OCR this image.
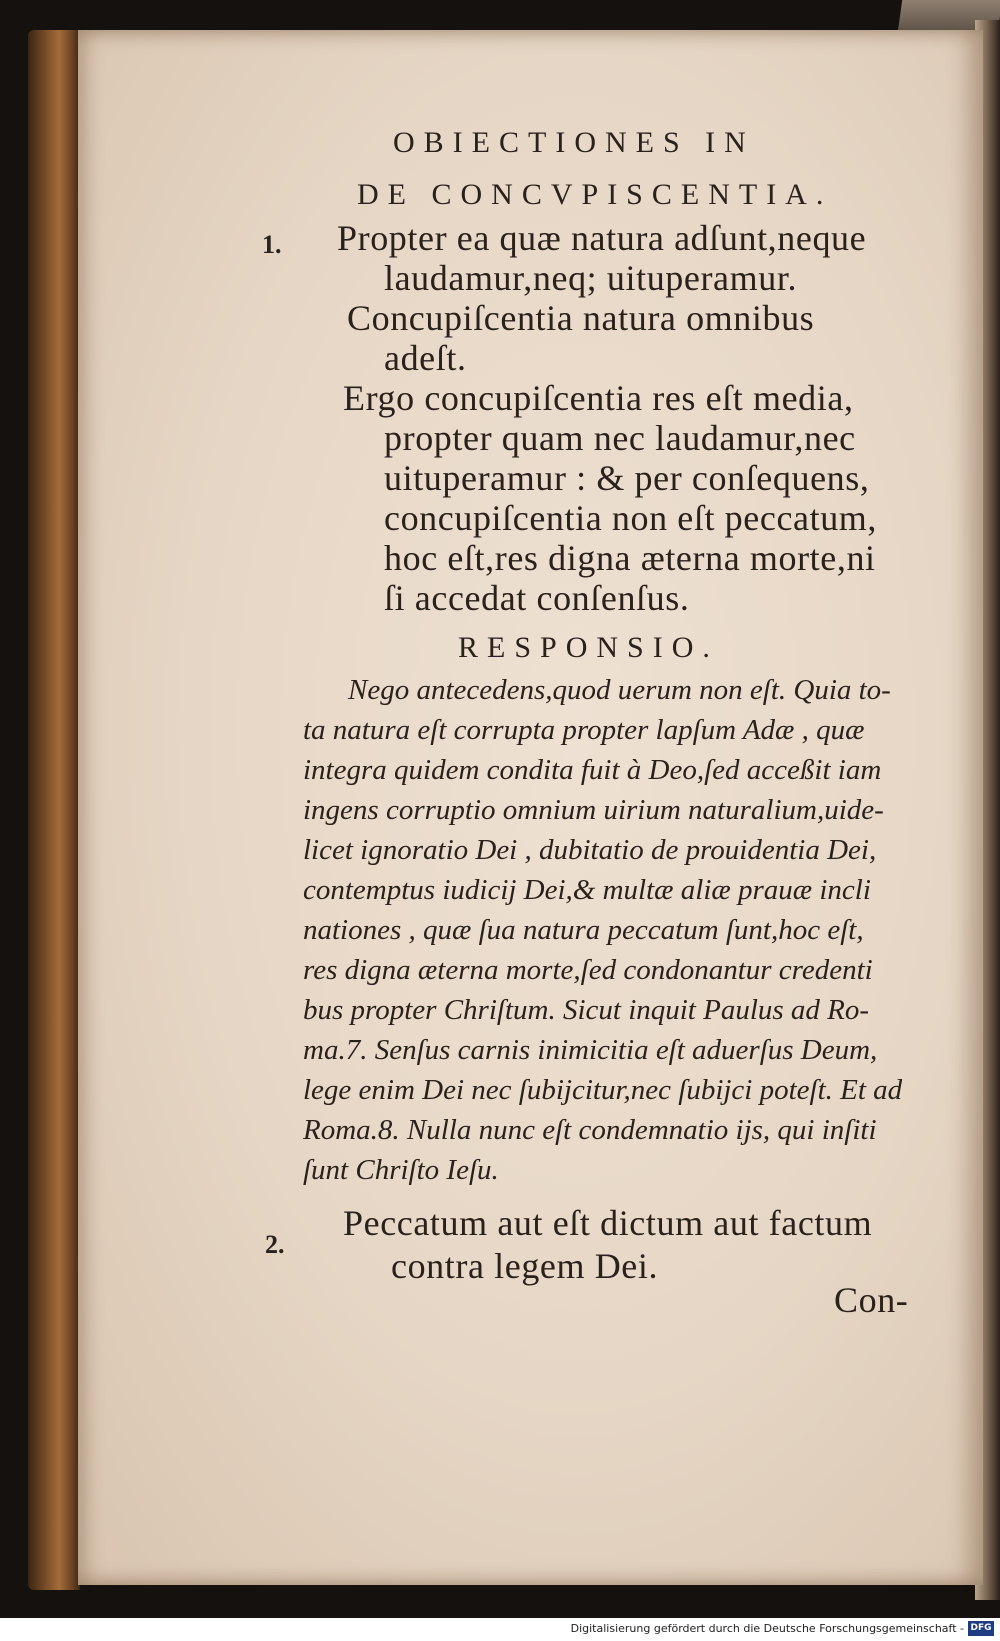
OBIECTIONES IN
DE CONCVPISCENTIA.
1. Propter ea quæ natura adſunt,neque
laudamur,neq; uituperamur.
Concupiſcentia natura omnibus
adeſt.
Ergo concupiſcentia res eſt media,
propter quam nec laudamur,nec
uituperamur : & per conſequens,
concupiſcentia non eſt peccatum,
hoc eſt,res digna æterna morte,ni
ſi accedat conſenſus.
RESPONSIO.
Nego antecedens,quod uerum non eſt. Quia to-
ta natura eſt corrupta propter lapſum Adæ , quæ
integra quidem condita fuit à Deo,ſed acceßit iam
ingens corruptio omnium uirium naturalium,uide-
licet ignoratio Dei , dubitatio de prouidentia Dei,
contemptus iudicij Dei,& multæ aliæ prauæ incli
nationes , quæ ſua natura peccatum ſunt,hoc eſt,
res digna æterna morte,ſed condonantur credenti
bus propter Chriſtum. Sicut inquit Paulus ad Ro-
ma.7. Senſus carnis inimicitia eſt aduerſus Deum,
lege enim Dei nec ſubijcitur,nec ſubijci poteſt. Et ad
Roma.8. Nulla nunc eſt condemnatio ijs, qui inſiti
ſunt Chriſto Ieſu.
2.
Peccatum aut eſt dictum aut factum
contra legem Dei.
Con-
Digitalisierung gefördert durch die Deutsche Forschungsgemeinschaft - DFG
